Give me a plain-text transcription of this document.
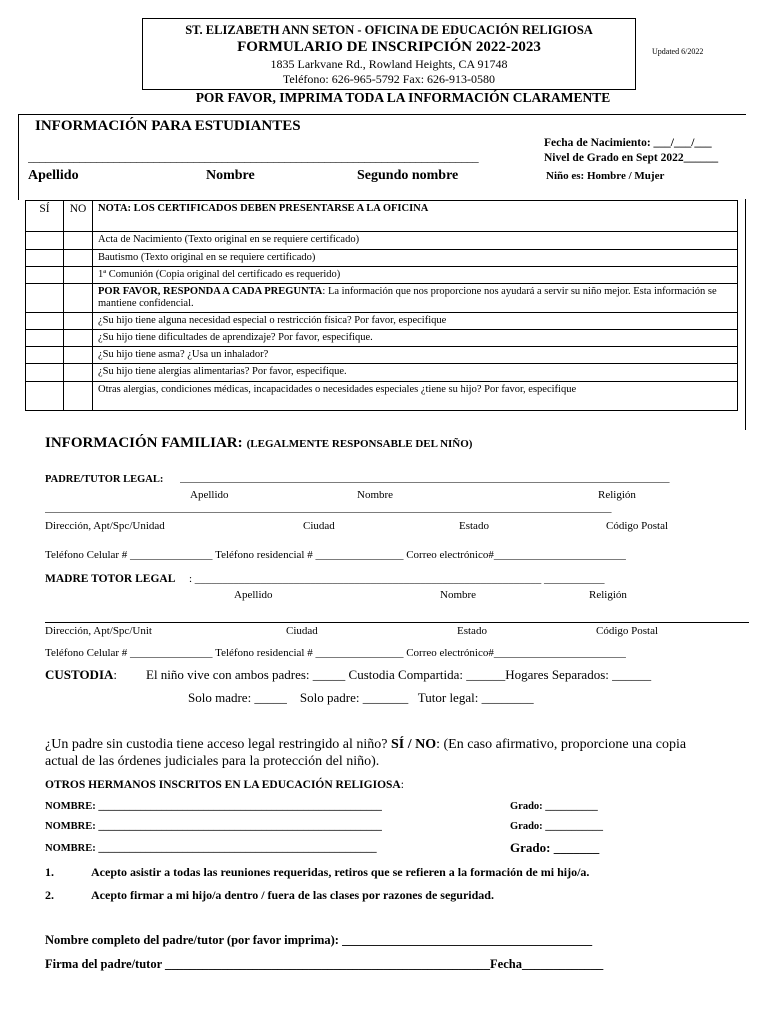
ST. ELIZABETH ANN SETON - OFICINA DE EDUCACIÓN RELIGIOSA
FORMULARIO DE INSCRIPCIÓN 2022-2023
1835 Larkvane Rd., Rowland Heights, CA 91748
Teléfono: 626-965-5792 Fax: 626-913-0580
Updated 6/2022
POR FAVOR, IMPRIMA TODA LA INFORMACIÓN CLARAMENTE
INFORMACIÓN PARA ESTUDIANTES
Fecha de Nacimiento: ___/___/___
Nivel de Grado en Sept 2022______
Niño es: Hombre / Mujer
_______________________________________________________________________________
Apellido	Nombre	Segundo nombre
SÍ	NO	NOTA: LOS CERTIFICADOS DEBEN PRESENTARSE A LA OFICINA
		Acta de Nacimiento (Texto original en se requiere certificado)
		Bautismo (Texto original en se requiere certificado)
		1ª Comunión (Copia original del certificado es requerido)
		POR FAVOR, RESPONDA A CADA PREGUNTA: La información que nos proporcione nos ayudará a servir su niño mejor. Esta información se mantiene confidencial.
		¿Su hijo tiene alguna necesidad especial o restricción física? Por favor, especifique
		¿Su hijo tiene dificultades de aprendizaje? Por favor, especifique.
		¿Su hijo tiene asma? ¿Usa un inhalador?
		¿Su hijo tiene alergias alimentarias? Por favor, especifique.
		Otras alergias, condiciones médicas, incapacidades o necesidades especiales ¿tiene su hijo? Por favor, especifique
INFORMACIÓN FAMILIAR: (LEGALMENTE RESPONSABLE DEL NIÑO)
PADRE/TUTOR LEGAL: _________________________________________________________________________________________
Apellido	Nombre	Religión
_______________________________________________________________________________________________________
Dirección, Apt/Spc/Unidad	Ciudad	Estado	Código Postal
Teléfono Celular # _______________ Teléfono residencial # ________________ Correo electrónico#________________________
MADRE TOTOR LEGAL : _______________________________________________________________ ___________
Apellido	Nombre	Religión
Dirección, Apt/Spc/Unit	Ciudad	Estado	Código Postal
Teléfono Celular # _______________ Teléfono residencial # ________________ Correo electrónico#________________________
CUSTODIA: El niño vive con ambos padres: _____ Custodia Compartida: ______Hogares Separados: ______
Solo madre: _____    Solo padre: _______   Tutor legal: ________
¿Un padre sin custodia tiene acceso legal restringido al niño? SÍ / NO: (En caso afirmativo, proporcione una copia
actual de las órdenes judiciales para la protección del niño).
OTROS HERMANOS INSCRITOS EN LA EDUCACIÓN RELIGIOSA:
NOMBRE: ______________________________________________________	Grado: __________
NOMBRE: ______________________________________________________	Grado: ___________
NOMBRE: _____________________________________________________	Grado: _______
1.	Acepto asistir a todas las reuniones requeridas, retiros que se refieren a la formación de mi hijo/a.
2.	Acepto firmar a mi hijo/a dentro / fuera de las clases por razones de seguridad.
Nombre completo del padre/tutor (por favor imprima): ________________________________________
Firma del padre/tutor ____________________________________________________Fecha_____________
